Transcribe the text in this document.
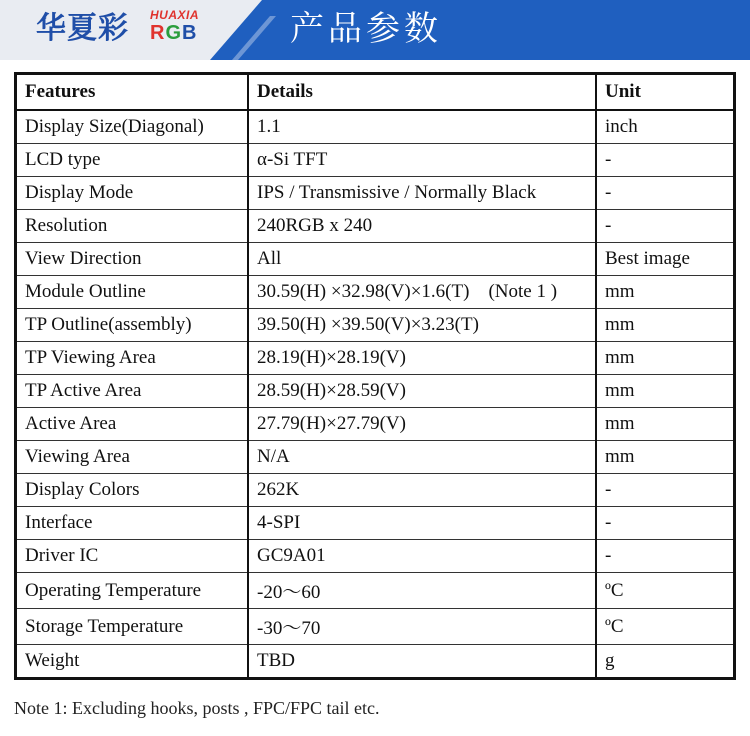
华夏彩 HUAXIA
RGB	产品参数
Features	Details	Unit
Display Size(Diagonal)	1.1	inch
LCD type	α-Si TFT	-
Display Mode	IPS / Transmissive / Normally Black	-
Resolution	240RGB x 240	-
View Direction	All	Best image
Module Outline	30.59(H) ×32.98(V)×1.6(T)    (Note 1 )	mm
TP Outline(assembly)	39.50(H) ×39.50(V)×3.23(T)	mm
TP Viewing Area	28.19(H)×28.19(V)	mm
TP Active Area	28.59(H)×28.59(V)	mm
Active Area	27.79(H)×27.79(V)	mm
Viewing Area	N/A	mm
Display Colors	262K	-
Interface	4-SPI	-
Driver IC	GC9A01	-
Operating Temperature	-20～60	ºC
Storage Temperature	-30～70	ºC
Weight	TBD	g
Note 1: Excluding hooks, posts , FPC/FPC tail etc.
